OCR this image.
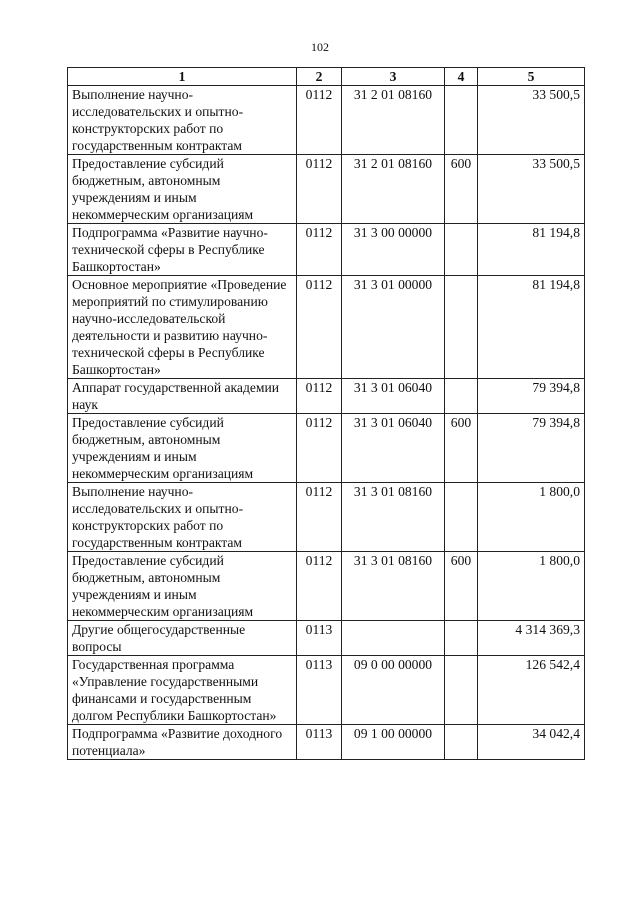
102
1	2	3	4	5
Выполнение научно-исследовательских и опытно-конструкторских работ по государственным контрактам	0112	31 2 01 08160		33 500,5
Предоставление субсидий бюджетным, автономным учреждениям и иным некоммерческим организациям	0112	31 2 01 08160	600	33 500,5
Подпрограмма «Развитие научно-технической сферы в Республике Башкортостан»	0112	31 3 00 00000		81 194,8
Основное мероприятие «Проведение мероприятий по стимулированию научно-исследовательской деятельности и развитию научно-технической сферы в Республике Башкортостан»	0112	31 3 01 00000		81 194,8
Аппарат государственной академии наук	0112	31 3 01 06040		79 394,8
Предоставление субсидий бюджетным, автономным учреждениям и иным некоммерческим организациям	0112	31 3 01 06040	600	79 394,8
Выполнение научно-исследовательских и опытно-конструкторских работ по государственным контрактам	0112	31 3 01 08160		1 800,0
Предоставление субсидий бюджетным, автономным учреждениям и иным некоммерческим организациям	0112	31 3 01 08160	600	1 800,0
Другие общегосударственные вопросы	0113			4 314 369,3
Государственная программа «Управление государственными финансами и государственным долгом Республики Башкортостан»	0113	09 0 00 00000		126 542,4
Подпрограмма «Развитие доходного потенциала»	0113	09 1 00 00000		34 042,4
